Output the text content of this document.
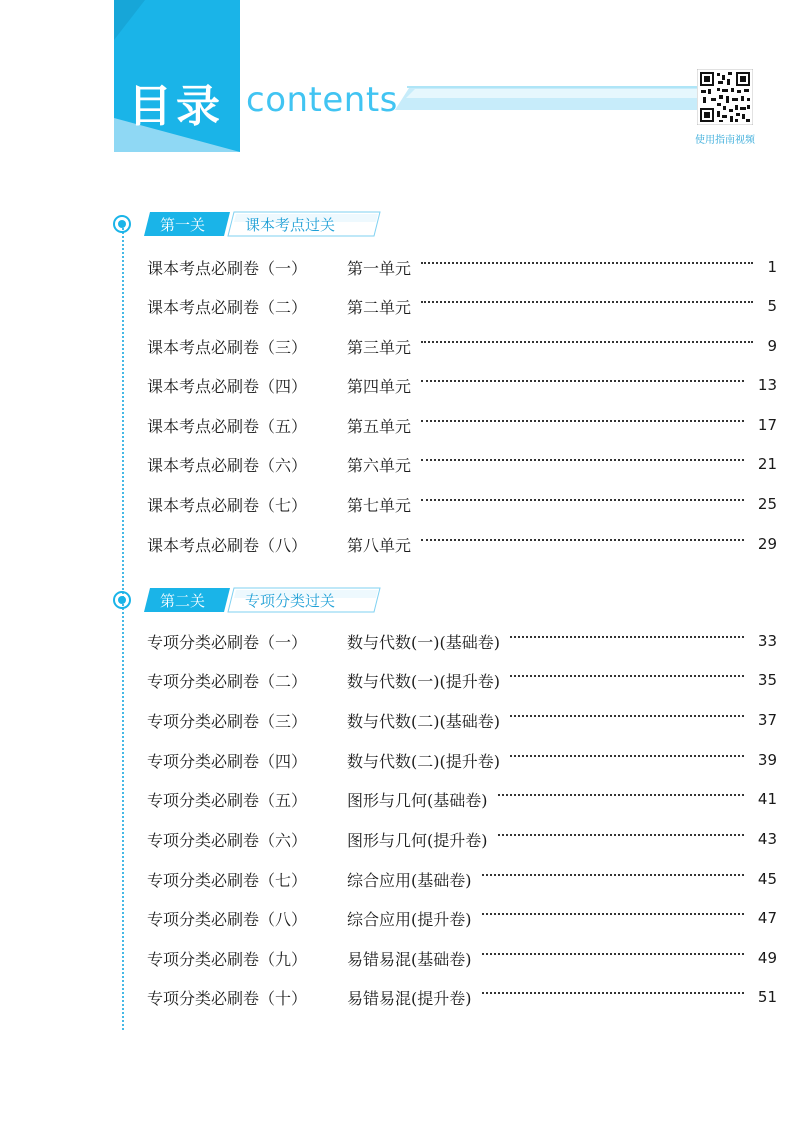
目录 contents
使用指南视频
第一关	课本考点过关
课本考点必刷卷（一）	第一单元	1
课本考点必刷卷（二）	第二单元	5
课本考点必刷卷（三）	第三单元	9
课本考点必刷卷（四）	第四单元	13
课本考点必刷卷（五）	第五单元	17
课本考点必刷卷（六）	第六单元	21
课本考点必刷卷（七）	第七单元	25
课本考点必刷卷（八）	第八单元	29
第二关	专项分类过关
专项分类必刷卷（一）	数与代数(一)(基础卷)	33
专项分类必刷卷（二）	数与代数(一)(提升卷)	35
专项分类必刷卷（三）	数与代数(二)(基础卷)	37
专项分类必刷卷（四）	数与代数(二)(提升卷)	39
专项分类必刷卷（五）	图形与几何(基础卷)	41
专项分类必刷卷（六）	图形与几何(提升卷)	43
专项分类必刷卷（七）	综合应用(基础卷)	45
专项分类必刷卷（八）	综合应用(提升卷)	47
专项分类必刷卷（九）	易错易混(基础卷)	49
专项分类必刷卷（十）	易错易混(提升卷)	51
